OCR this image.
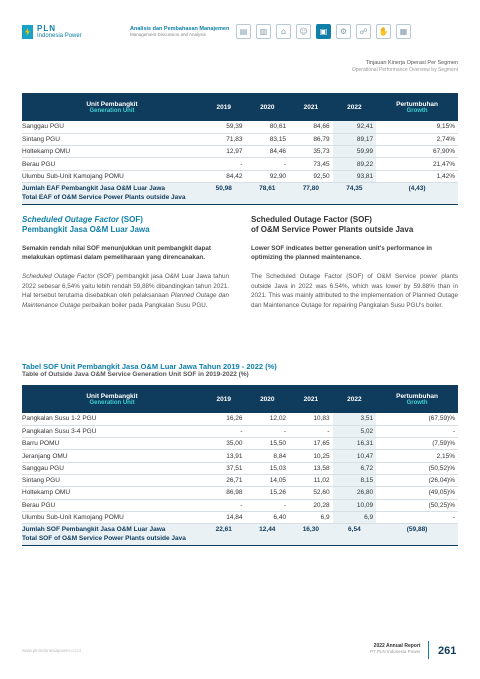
PLN
Indonesia Power
Analisis dan Pembahasan Manajemen
Management Discussion and Analysis	▤	▥	⌂	☺	▣	⚙	☍	✋	▦
Tinjauan Kinerja Operasi Per Segmen
Operational Performance Overview by Segment
Unit Pembangkit
Generation Unit	2019	2020	2021	2022	Pertumbuhan
Growth

Sanggau PGU	59,39	80,61	84,66	92,41	9,15%
Sintang PGU	71,83	83,15	86,79	89,17	2,74%
Holtekamp OMU	12,97	84,46	35,73	59,99	67,90%
Berau PGU	-	-	73,45	89,22	21,47%
Ulumbu Sub-Unit Kamojang POMU	84,42	92,90	92,50	93,81	1,42%
Jumlah EAF Pembangkit Jasa O&M Luar Jawa
Total EAF of O&M Service Power Plants outside Java	50,98	78,61	77,80	74,35	(4,43)
Scheduled Outage Factor (SOF)
Pembangkit Jasa O&M Luar Jawa
Semakin rendah nilai SOF menunjukkan unit pembangkit dapat melakukan optimasi dalam pemeliharaan yang direncanakan.
Scheduled Outage Factor (SOF) pembangkit jasa O&M Luar Jawa tahun 2022 sebesar 6,54% yaitu lebih rendah 59,88% dibandingkan tahun 2021. Hal tersebut terutama disebabkan oleh pelaksanaan Planned Outage dan Maintenance Outage perbaikan boiler pada Pangkalan Susu PGU.
Scheduled Outage Factor (SOF)
of O&M Service Power Plants outside Java
Lower SOF indicates better generation unit's performance in optimizing the planned maintenance.
The Scheduled Outage Factor (SOF) of O&M Service power plants outside Java in 2022 was 6.54%, which was lower by 59.88% than in 2021. This was mainly attributed to the implementation of Planned Outage dan Maintenance Outage for repairing Pangkalan Susu PGU's boiler.
Tabel SOF Unit Pembangkit Jasa O&M Luar Jawa Tahun 2019 - 2022 (%)
Table of Outside Java O&M Service Generation Unit SOF in 2019-2022 (%)
Unit Pembangkit
Generation Unit	2019	2020	2021	2022	Pertumbuhan
Growth

Pangkalan Susu 1-2 PGU	16,26	12,02	10,83	3,51	(67,59)%
Pangkalan Susu 3-4 PGU	-	-	-	5,02	-
Barru POMU	35,00	15,50	17,65	16,31	(7,59)%
Jeranjang OMU	13,91	8,84	10,25	10,47	2,15%
Sanggau PGU	37,51	15,03	13,58	6,72	(50,52)%
Sintang PGU	26,71	14,05	11,02	8,15	(26,04)%
Holtekamp OMU	86,98	15,26	52,60	26,80	(49,05)%
Berau PGU	-	-	20,28	10,09	(50,25)%
Ulumbu Sub-Unit Kamojang POMU	14,84	6,40	6,9	6,9	-
Jumlah SOF Pembangkit Jasa O&M Luar Jawa
Total SOF of O&M Service Power Plants outside Java	22,61	12,44	16,30	6,54	(59,88)
www.plnindonesiapower.co.id
2022 Annual Report
PT PLN Indonesia Power 261
